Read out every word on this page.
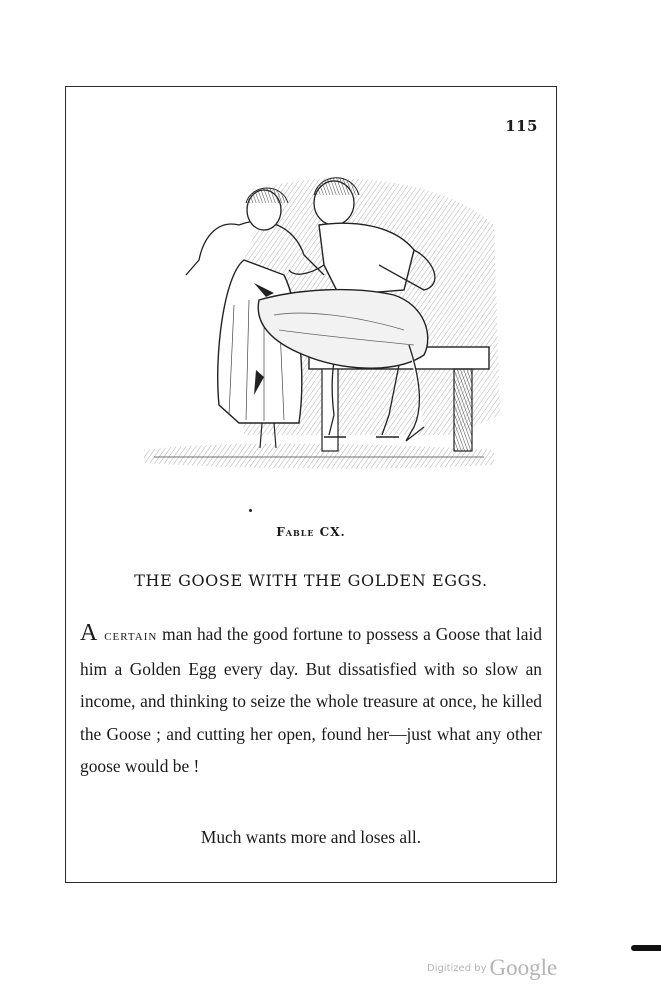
115
Fable CX.
THE GOOSE WITH THE GOLDEN EGGS.
A certain man had the good fortune to possess a Goose that laid him a Golden Egg every day. But dissatisfied with so slow an income, and thinking to seize the whole treasure at once, he killed the Goose ; and cutting her open, found her—just what any other goose would be !
Much wants more and loses all.
Digitized by Google
